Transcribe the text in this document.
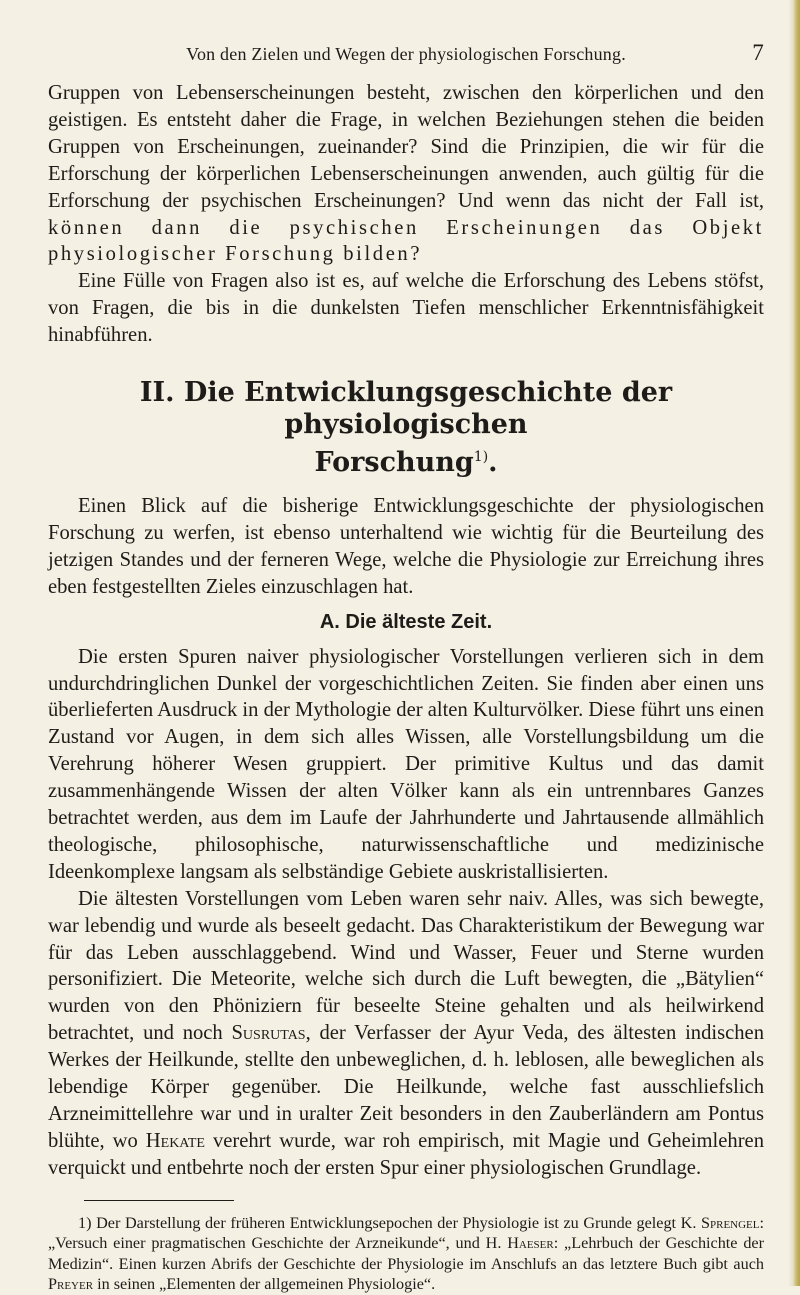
Von den Zielen und Wegen der physiologischen Forschung.	7

Gruppen von Lebenserscheinungen besteht, zwischen den körperlichen und den geistigen. Es entsteht daher die Frage, in welchen Beziehungen stehen die beiden Gruppen von Erscheinungen, zueinander? Sind die Prinzipien, die wir für die Erforschung der körperlichen Lebenserscheinungen anwenden, auch gültig für die Erforschung der psychischen Erscheinungen? Und wenn das nicht der Fall ist, können dann die psychischen Erscheinungen das Objekt physiologischer Forschung bilden?

Eine Fülle von Fragen also ist es, auf welche die Erforschung des Lebens stöfst, von Fragen, die bis in die dunkelsten Tiefen menschlicher Erkenntnisfähigkeit hinabführen.

II. Die Entwicklungsgeschichte der physiologischen
Forschung$^{1)}$.

Einen Blick auf die bisherige Entwicklungsgeschichte der physiologischen Forschung zu werfen, ist ebenso unterhaltend wie wichtig für die Beurteilung des jetzigen Standes und der ferneren Wege, welche die Physiologie zur Erreichung ihres eben festgestellten Zieles einzuschlagen hat.

A. Die älteste Zeit.

Die ersten Spuren naiver physiologischer Vorstellungen verlieren sich in dem undurchdringlichen Dunkel der vorgeschichtlichen Zeiten. Sie finden aber einen uns überlieferten Ausdruck in der Mythologie der alten Kulturvölker. Diese führt uns einen Zustand vor Augen, in dem sich alles Wissen, alle Vorstellungsbildung um die Verehrung höherer Wesen gruppiert. Der primitive Kultus und das damit zusammenhängende Wissen der alten Völker kann als ein untrennbares Ganzes betrachtet werden, aus dem im Laufe der Jahrhunderte und Jahrtausende allmählich theologische, philosophische, naturwissenschaftliche und medizinische Ideenkomplexe langsam als selbständige Gebiete auskristallisierten.

Die ältesten Vorstellungen vom Leben waren sehr naiv. Alles, was sich bewegte, war lebendig und wurde als beseelt gedacht. Das Charakteristikum der Bewegung war für das Leben ausschlaggebend. Wind und Wasser, Feuer und Sterne wurden personifiziert. Die Meteorite, welche sich durch die Luft bewegten, die „Bätylien“ wurden von den Phöniziern für beseelte Steine gehalten und als heilwirkend betrachtet, und noch Susrutas, der Verfasser der Ayur Veda, des ältesten indischen Werkes der Heilkunde, stellte den unbeweglichen, d. h. leblosen, alle beweglichen als lebendige Körper gegenüber. Die Heilkunde, welche fast ausschliefslich Arzneimittellehre war und in uralter Zeit besonders in den Zauberländern am Pontus blühte, wo Hekate verehrt wurde, war roh empirisch, mit Magie und Geheimlehren verquickt und entbehrte noch der ersten Spur einer physiologischen Grundlage.

1) Der Darstellung der früheren Entwicklungsepochen der Physiologie ist zu Grunde gelegt K. Sprengel: „Versuch einer pragmatischen Geschichte der Arzneikunde“, und H. Haeser: „Lehrbuch der Geschichte der Medizin“. Einen kurzen Abrifs der Geschichte der Physiologie im Anschlufs an das letztere Buch gibt auch Preyer in seinen „Elementen der allgemeinen Physiologie“.
